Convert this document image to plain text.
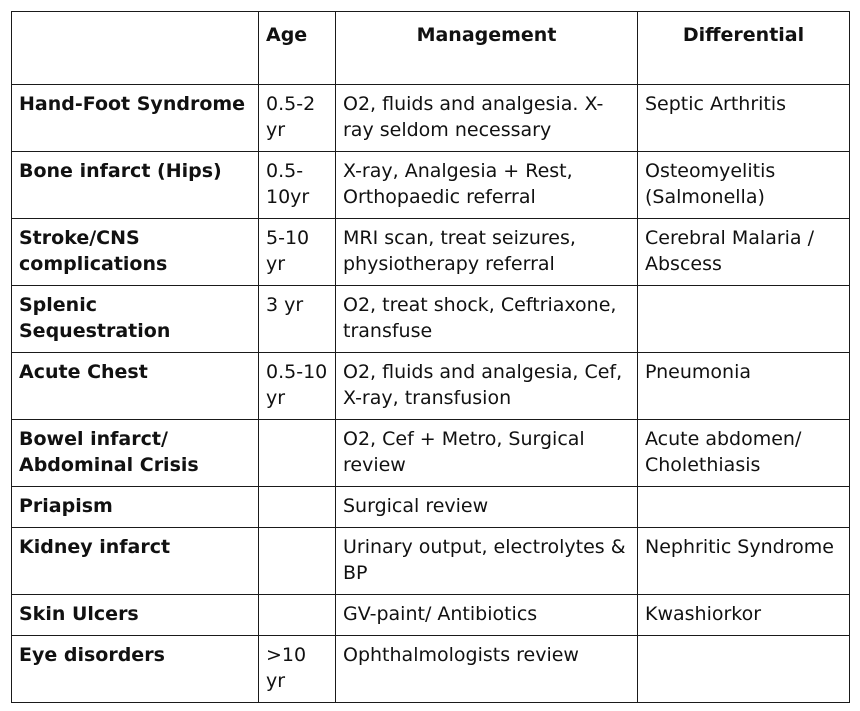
	Age	Management	Differential
Hand-Foot Syndrome	0.5-2 yr	O2, fluids and analgesia. X-ray seldom necessary	Septic Arthritis
Bone infarct (Hips)	0.5-10yr	X-ray, Analgesia + Rest, Orthopaedic referral	Osteomyelitis (Salmonella)
Stroke/CNS complications	5-10 yr	MRI scan, treat seizures, physiotherapy referral	Cerebral Malaria / Abscess
Splenic Sequestration	3 yr	O2, treat shock, Ceftriaxone, transfuse	
Acute Chest	0.5-10 yr	O2, fluids and analgesia, Cef, X-ray, transfusion	Pneumonia
Bowel infarct/ Abdominal Crisis		O2, Cef + Metro, Surgical review	Acute abdomen/ Cholethiasis
Priapism		Surgical review	
Kidney infarct		Urinary output, electrolytes & BP	Nephritic Syndrome
Skin Ulcers		GV-paint/ Antibiotics	Kwashiorkor
Eye disorders	>10 yr	Ophthalmologists review	
